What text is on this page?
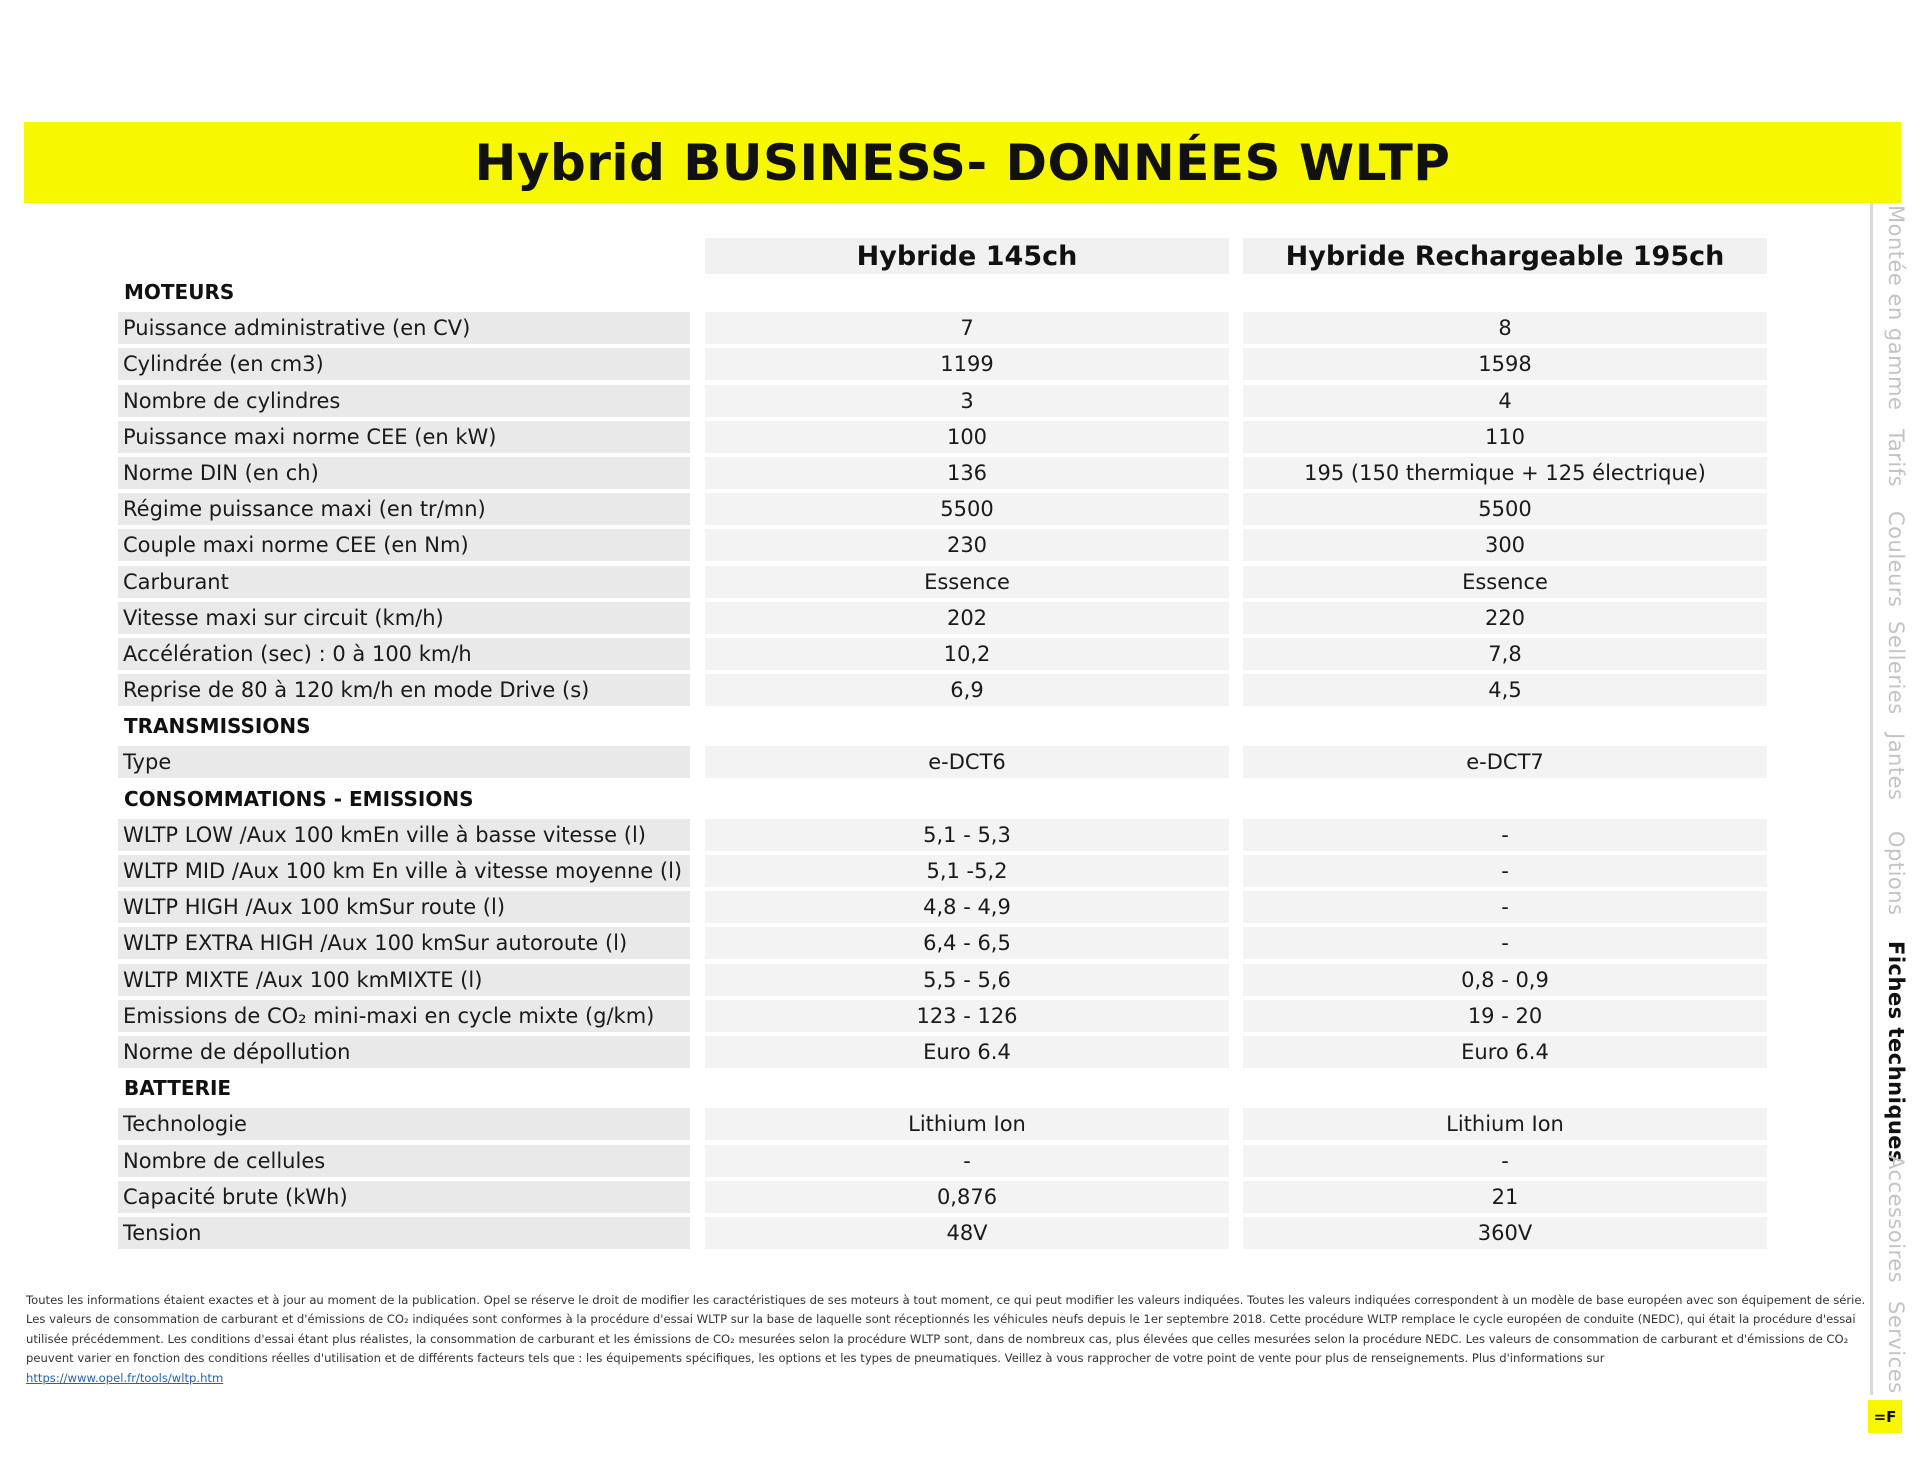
Hybrid BUSINESS- DONNÉES WLTP
Hybride 145ch	Hybride Rechargeable 195ch
MOTEURS
Puissance administrative (en CV)	7	8
Cylindrée (en cm3)	1199	1598
Nombre de cylindres	3	4
Puissance maxi norme CEE (en kW)	100	110
Norme DIN (en ch)	136	195 (150 thermique + 125 électrique)
Régime puissance maxi (en tr/mn)	5500	5500
Couple maxi norme CEE (en Nm)	230	300
Carburant	Essence	Essence
Vitesse maxi sur circuit (km/h)	202	220
Accélération (sec) : 0 à 100 km/h	10,2	7,8
Reprise de 80 à 120 km/h en mode Drive (s)	6,9	4,5
TRANSMISSIONS
Type	e-DCT6	e-DCT7
CONSOMMATIONS - EMISSIONS
WLTP LOW /Aux 100 kmEn ville à basse vitesse (l)	5,1 - 5,3	-
WLTP MID /Aux 100 km En ville à vitesse moyenne (l)	5,1 -5,2	-
WLTP HIGH /Aux 100 kmSur route (l)	4,8 - 4,9	-
WLTP EXTRA HIGH /Aux 100 kmSur autoroute (l)	6,4 - 6,5	-
WLTP MIXTE /Aux 100 kmMIXTE (l)	5,5 - 5,6	0,8 - 0,9
Emissions de CO₂ mini-maxi en cycle mixte (g/km)	123 - 126	19 - 20
Norme de dépollution	Euro 6.4	Euro 6.4
BATTERIE
Technologie	Lithium Ion	Lithium Ion
Nombre de cellules	-	-
Capacité brute (kWh)	0,876	21
Tension	48V	360V
Toutes les informations étaient exactes et à jour au moment de la publication. Opel se réserve le droit de modifier les caractéristiques de ses moteurs à tout moment, ce qui peut modifier les valeurs indiquées. Toutes les valeurs indiquées correspondent à un modèle de base européen avec son équipement de série. Les valeurs de consommation de carburant et d'émissions de CO₂ indiquées sont conformes à la procédure d'essai WLTP sur la base de laquelle sont réceptionnés les véhicules neufs depuis le 1er septembre 2018. Cette procédure WLTP remplace le cycle européen de conduite (NEDC), qui était la procédure d'essai utilisée précédemment. Les conditions d'essai étant plus réalistes, la consommation de carburant et les émissions de CO₂ mesurées selon la procédure WLTP sont, dans de nombreux cas, plus élevées que celles mesurées selon la procédure NEDC. Les valeurs de consommation de carburant et d'émissions de CO₂ peuvent varier en fonction des conditions réelles d'utilisation et de différents facteurs tels que : les équipements spécifiques, les options et les types de pneumatiques. Veillez à vous rapprocher de votre point de vente pour plus de renseignements. Plus d'informations sur
https://www.opel.fr/tools/wltp.htm
Montée en gamme
Tarifs
Couleurs
Selleries
Jantes
Options
Fiches techniques
Accessoires
Services
=F
